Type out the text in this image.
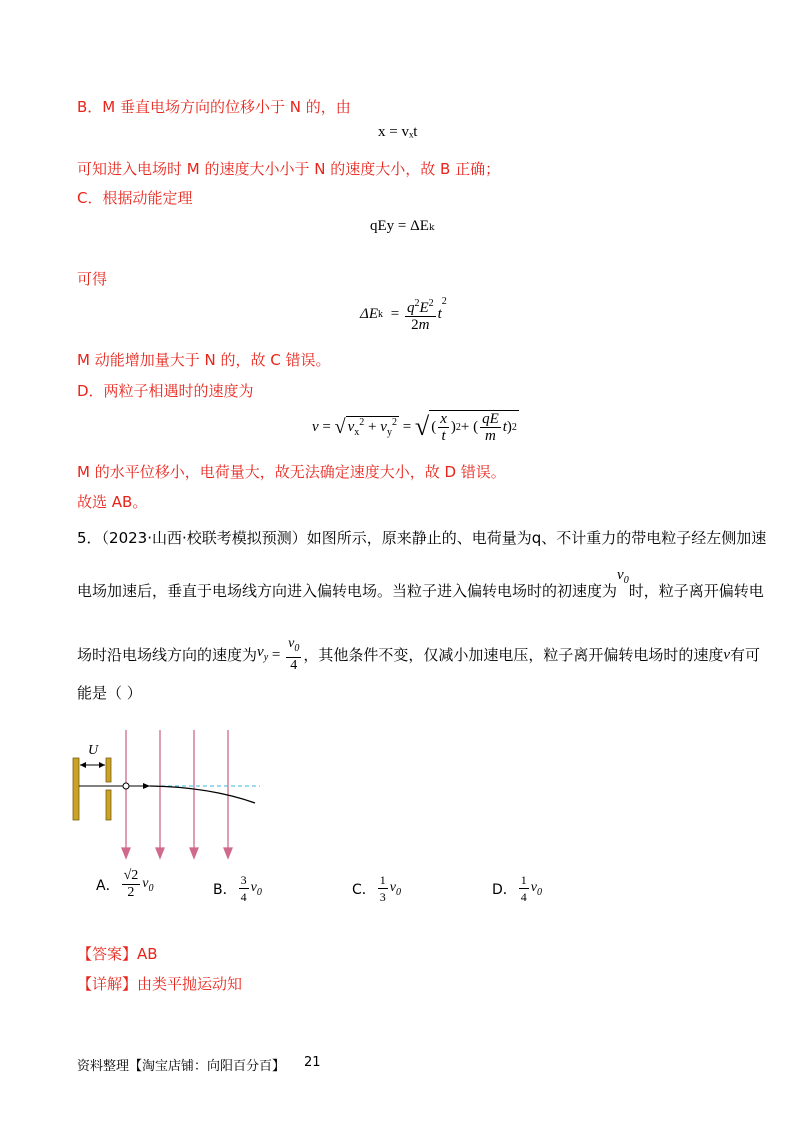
B．M 垂直电场方向的位移小于 N 的，由
x = vₓt
可知进入电场时 M 的速度大小小于 N 的速度大小，故 B 正确；
C．根据动能定理
qEy = ΔEₖ
可得
Δ E $k = \frac{q^2E^2}{2m}$ t
$^2$
M 动能增加量大于 N 的，故 C 错误。
D．两粒子相遇时的速度为
v = √ $v_x^2 + v_y^2$ = √ ( $\frac{x}{t}$ ) 2 + ( $\frac{qE}{m}$ t ) 2
M 的水平位移小，电荷量大，故无法确定速度大小，故 D 错误。
故选 AB。
5．（2023·山西·校联考模拟预测）如图所示，原来静止的、电荷量为q、不计重力的带电粒子经左侧加速
电场加速后，垂直于电场线方向进入偏转电场。当粒子进入偏转电场时的初速度为
$v_0$
时，粒子离开偏转电
场时沿电场线方向的速度为 $v_y = \frac{v_0}{4}$ ，其他条件不变，仅减小加速电压，粒子离开偏转电场时的速度 v 有可
能是（ ）
U
A． $\frac{√2}{2} v_0$	B． $\frac{3}{4} v_0$	C． $\frac{1}{3} v_0$	D． $\frac{1}{4} v_0$
【答案】AB
【详解】由类平抛运动知
资料整理【淘宝店铺：向阳百分百】 21
